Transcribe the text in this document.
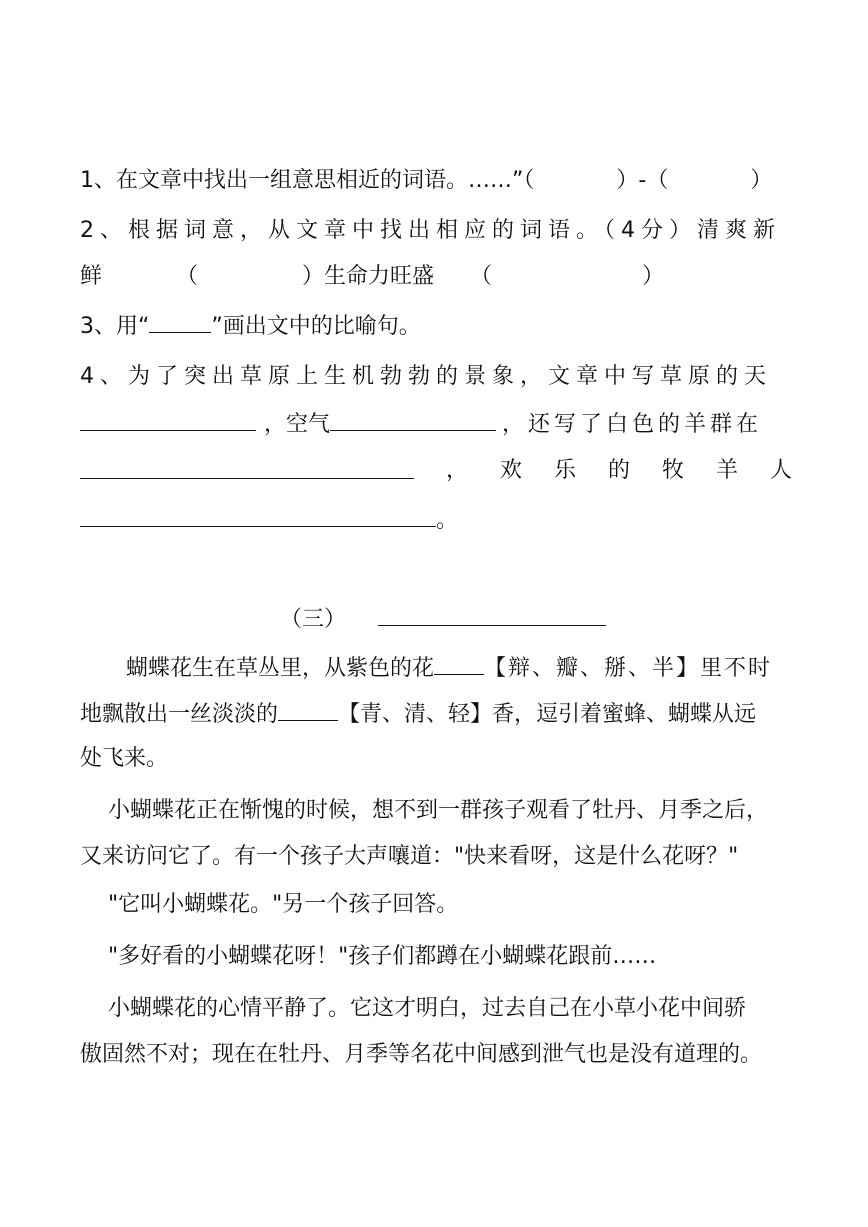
1、在文章中找出一组意思相近的词语。……”（	）-（	）
2、根据词意，从文章中找出相应的词语。（4分）清爽新
鲜	（	）生命力旺盛 （	）
3、用“	”画出文中的比喻句。
4、为了突出草原上生机勃勃的景象，文章中写草原的天
，空气	，还写了白色的羊群在
， 欢 乐 的 牧 羊 人
。
（三）
蝴蝶花生在草丛里，从紫色的花 【辩、瓣、掰、半】里不时
地飘散出一丝淡淡的	【青、清、轻】香，逗引着蜜蜂、蝴蝶从远
处飞来。
小蝴蝶花正在惭愧的时候，想不到一群孩子观看了牡丹、月季之后，
又来访问它了。有一个孩子大声嚷道："快来看呀，这是什么花呀？"
"它叫小蝴蝶花。"另一个孩子回答。
"多好看的小蝴蝶花呀！"孩子们都蹲在小蝴蝶花跟前……
小蝴蝶花的心情平静了。它这才明白，过去自己在小草小花中间骄
傲固然不对；现在在牡丹、月季等名花中间感到泄气也是没有道理的。
